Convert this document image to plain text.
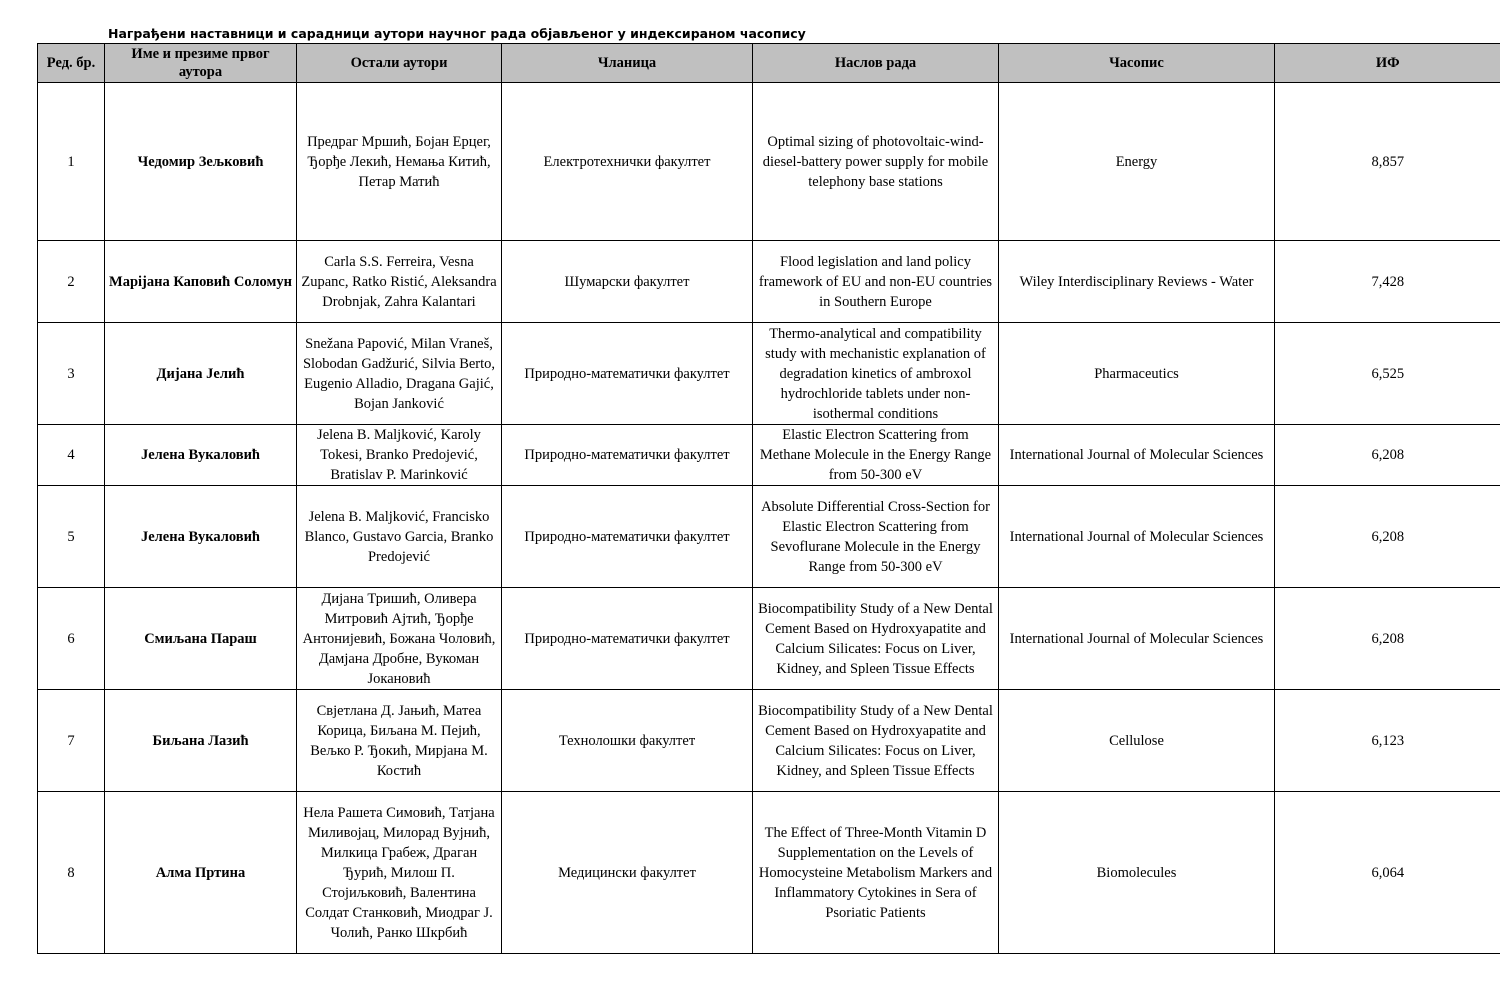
Награђени наставници и сарадници аутори научног рада објављеног у индексираном часопису
Ред. бр.	Име и презиме првог аутора	Остали аутори	Чланица	Наслов рада	Часопис	ИФ
1	Чедомир Зељковић	Предраг Мршић, Бојан Ерцег, Ђорђе Лекић, Немања Китић, Петар Матић	Електротехнички факултет	Optimal sizing of photovoltaic-wind-diesel-battery power supply for mobile telephony base stations	Energy	8,857
2	Марijана Каповић Соломун	Carla S.S. Ferreira, Vesna Zupanc, Ratko Ristić, Aleksandra Drobnjak, Zahra Kalantari	Шумарски факултет	Flood legislation and land policy framework of EU and non-EU countries in Southern Europe	Wiley Interdisciplinary Reviews - Water	7,428
3	Дијана Јелић	Snežana Papović, Milan Vraneš, Slobodan Gadžurić, Silvia Berto, Eugenio Alladio, Dragana Gajić, Bojan Janković	Природно-математички факултет	Thermo-analytical and compatibility study with mechanistic explanation of degradation kinetics of ambroxol hydrochloride tablets under non-isothermal conditions	Pharmaceutics	6,525
4	Јелена Вукаловић	Jelena B. Maljković, Karoly Tokesi, Branko Predojević, Bratislav P. Marinković	Природно-математички факултет	Elastic Electron Scattering from Methane Molecule in the Energy Range from 50-300 eV	International Journal of Molecular Sciences	6,208
5	Јелена Вукаловић	Jelena B. Maljković, Francisko Blanco, Gustavo Garcia, Branko Predojević	Природно-математички факултет	Absolute Differential Cross-Section for Elastic Electron Scattering from Sevoflurane Molecule in the Energy Range from 50-300 eV	International Journal of Molecular Sciences	6,208
6	Смиљана Параш	Дијана Тришић, Оливера Митровић Ајтић, Ђорђе Антонијевић, Божана Чоловић, Дамјана Дробне, Вукоман Јокановић	Природно-математички факултет	Biocompatibility Study of a New Dental Cement Based on Hydroxyapatite and Calcium Silicates: Focus on Liver, Kidney, and Spleen Tissue Effects	International Journal of Molecular Sciences	6,208
7	Биљана Лазић	Свјетлана Д. Јањић, Матеа Корица, Биљана М. Пејић, Вељко Р. Ђокић, Мирјана М. Костић	Технолошки факултет	Biocompatibility Study of a New Dental Cement Based on Hydroxyapatite and Calcium Silicates: Focus on Liver, Kidney, and Spleen Tissue Effects	Cellulose	6,123
8	Алма Пртина	Нела Рашета Симовић, Татјана Миливојац, Милорад Вујнић, Милкица Грабеж, Драган Ђурић, Милош П. Стојиљковић, Валентина Солдат Станковић, Миодраг Ј. Чолић, Ранко Шкрбић	Медицински факултет	The Effect of Three-Month Vitamin D Supplementation on the Levels of Homocysteine Metabolism Markers and Inflammatory Cytokines in Sera of Psoriatic Patients	Biomolecules	6,064
